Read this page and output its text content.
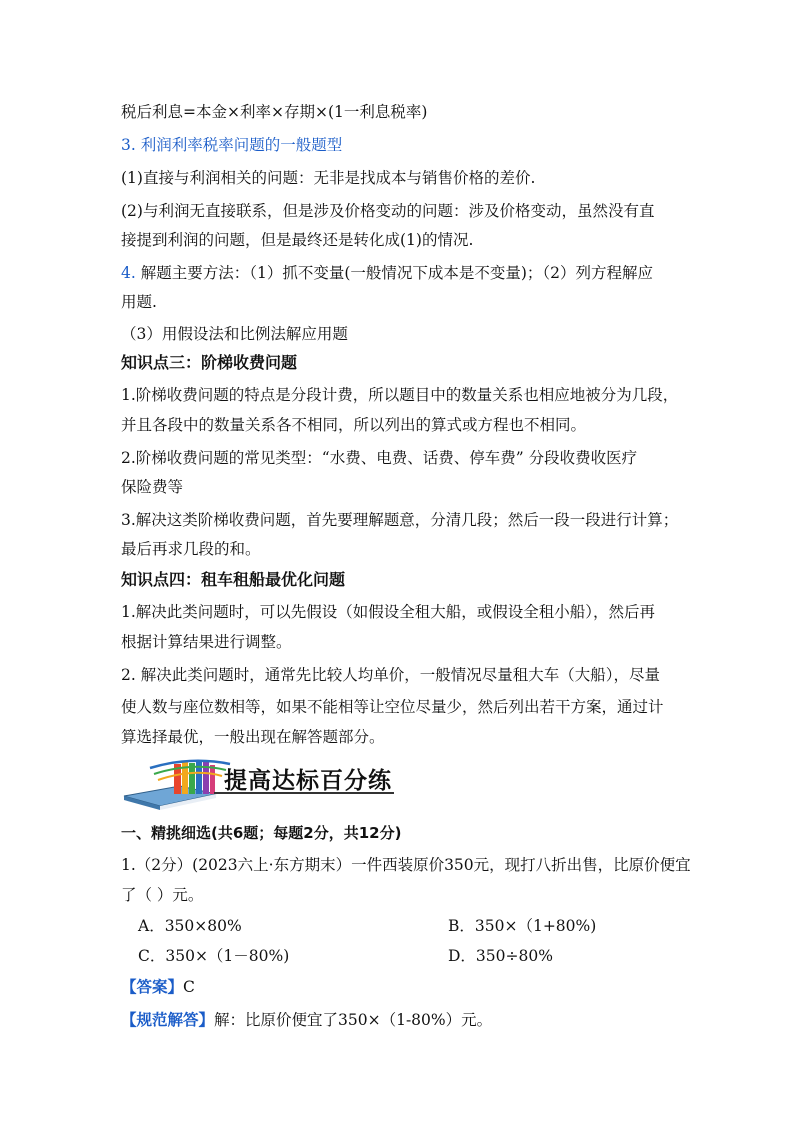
税后利息=本金×利率×存期×(1一利息税率)
3. 利润利率税率问题的一般题型
(1)直接与利润相关的问题：无非是找成本与销售价格的差价.
(2)与利润无直接联系，但是涉及价格变动的问题：涉及价格变动，虽然没有直
接提到利润的问题，但是最终还是转化成(1)的情况.
4. 解题主要方法：（1）抓不变量(一般情况下成本是不变量)；（2）列方程解应
用题.
（3）用假设法和比例法解应用题
知识点三：阶梯收费问题
1.阶梯收费问题的特点是分段计费，所以题目中的数量关系也相应地被分为几段，
并且各段中的数量关系各不相同，所以列出的算式或方程也不相同。
2.阶梯收费问题的常见类型：“水费、电费、话费、停车费” 分段收费收医疗
保险费等
3.解决这类阶梯收费问题，首先要理解题意，分清几段；然后一段一段进行计算；
最后再求几段的和。
知识点四：租车租船最优化问题
1.解决此类问题时，可以先假设（如假设全租大船，或假设全租小船），然后再
根据计算结果进行调整。
2. 解决此类问题时，通常先比较人均单价，一般情况尽量租大车（大船），尽量
使人数与座位数相等，如果不能相等让空位尽量少，然后列出若干方案，通过计
算选择最优，一般出现在解答题部分。
提高达标百分练
一、精挑细选(共6题；每题2分，共12分)
1.（2分）(2023六上·东方期末）一件西装原价350元，现打八折出售，比原价便宜
了（ ）元。
A．350×80%	B．350×（1+80%)
C．350×（1－80%)	D．350÷80%
【答案】C
【规范解答】解：比原价便宜了350×（1-80%）元。
